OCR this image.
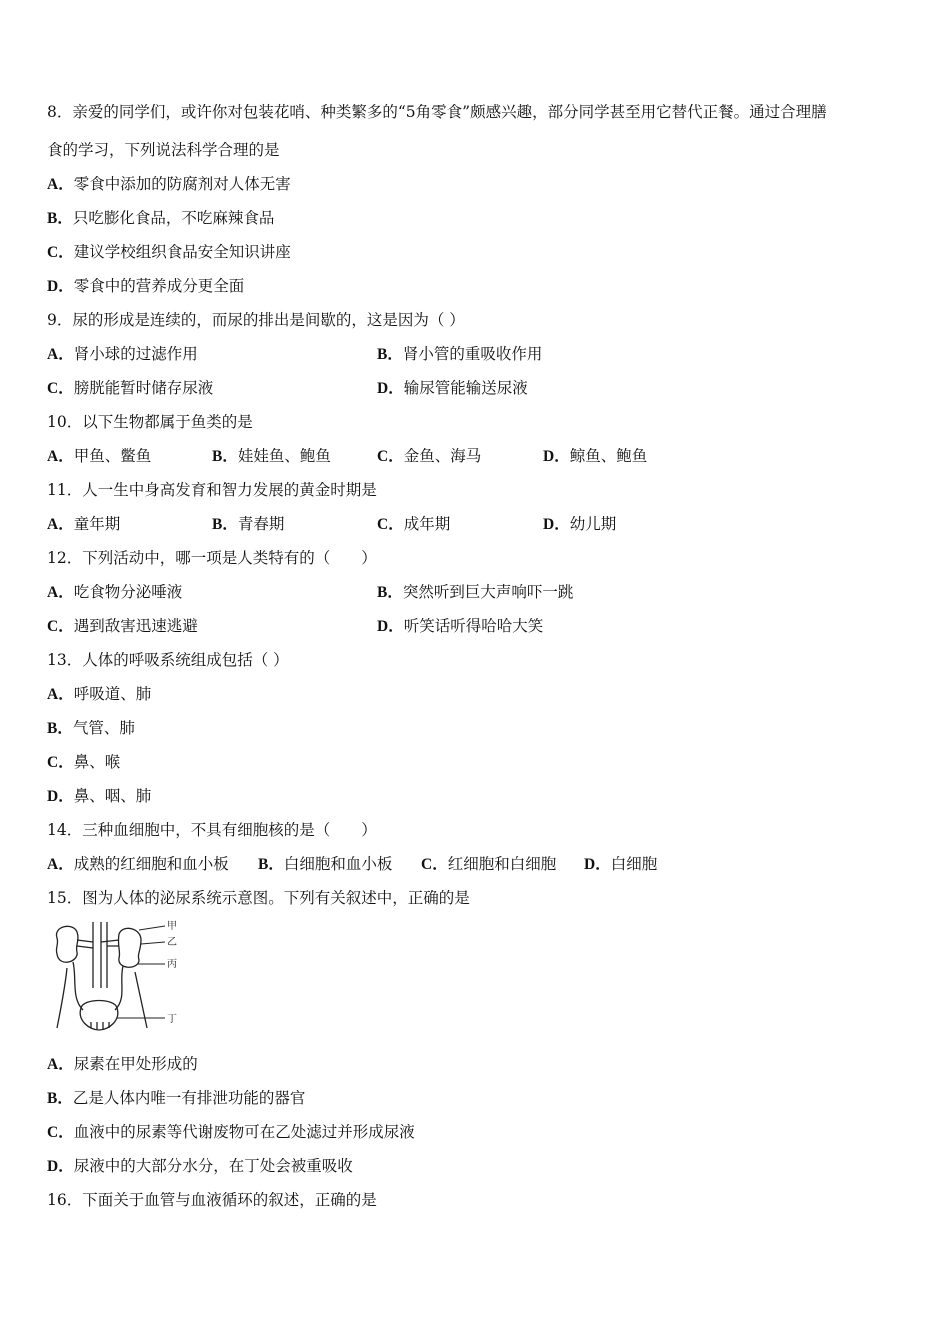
8．亲爱的同学们，或许你对包装花哨、种类繁多的“5角零食”颇感兴趣，部分同学甚至用它替代正餐。通过合理膳
食的学习，下列说法科学合理的是
A．零食中添加的防腐剂对人体无害
B．只吃膨化食品，不吃麻辣食品
C．建议学校组织食品安全知识讲座
D．零食中的营养成分更全面
9．尿的形成是连续的，而尿的排出是间歇的，这是因为（ ）
A．肾小球的过滤作用	B．肾小管的重吸收作用
C．膀胱能暂时储存尿液	D．输尿管能输送尿液
10．以下生物都属于鱼类的是
A．甲鱼、鳖鱼	B．娃娃鱼、鲍鱼	C．金鱼、海马	D．鲸鱼、鲍鱼
11．人一生中身高发育和智力发展的黄金时期是
A．童年期	B．青春期	C．成年期	D．幼儿期
12．下列活动中，哪一项是人类特有的（　　）
A．吃食物分泌唾液	B．突然听到巨大声响吓一跳
C．遇到敌害迅速逃避	D．听笑话听得哈哈大笑
13．人体的呼吸系统组成包括（ ）
A．呼吸道、肺
B．气管、肺
C．鼻、喉
D．鼻、咽、肺
14．三种血细胞中，不具有细胞核的是（　　）
A．成熟的红细胞和血小板 B．白细胞和血小板 C．红细胞和白细胞 D．白细胞
15．图为人体的泌尿系统示意图。下列有关叙述中，正确的是
甲
乙
丙
丁
A．尿素在甲处形成的
B．乙是人体内唯一有排泄功能的器官
C．血液中的尿素等代谢废物可在乙处滤过并形成尿液
D．尿液中的大部分水分，在丁处会被重吸收
16．下面关于血管与血液循环的叙述，正确的是
